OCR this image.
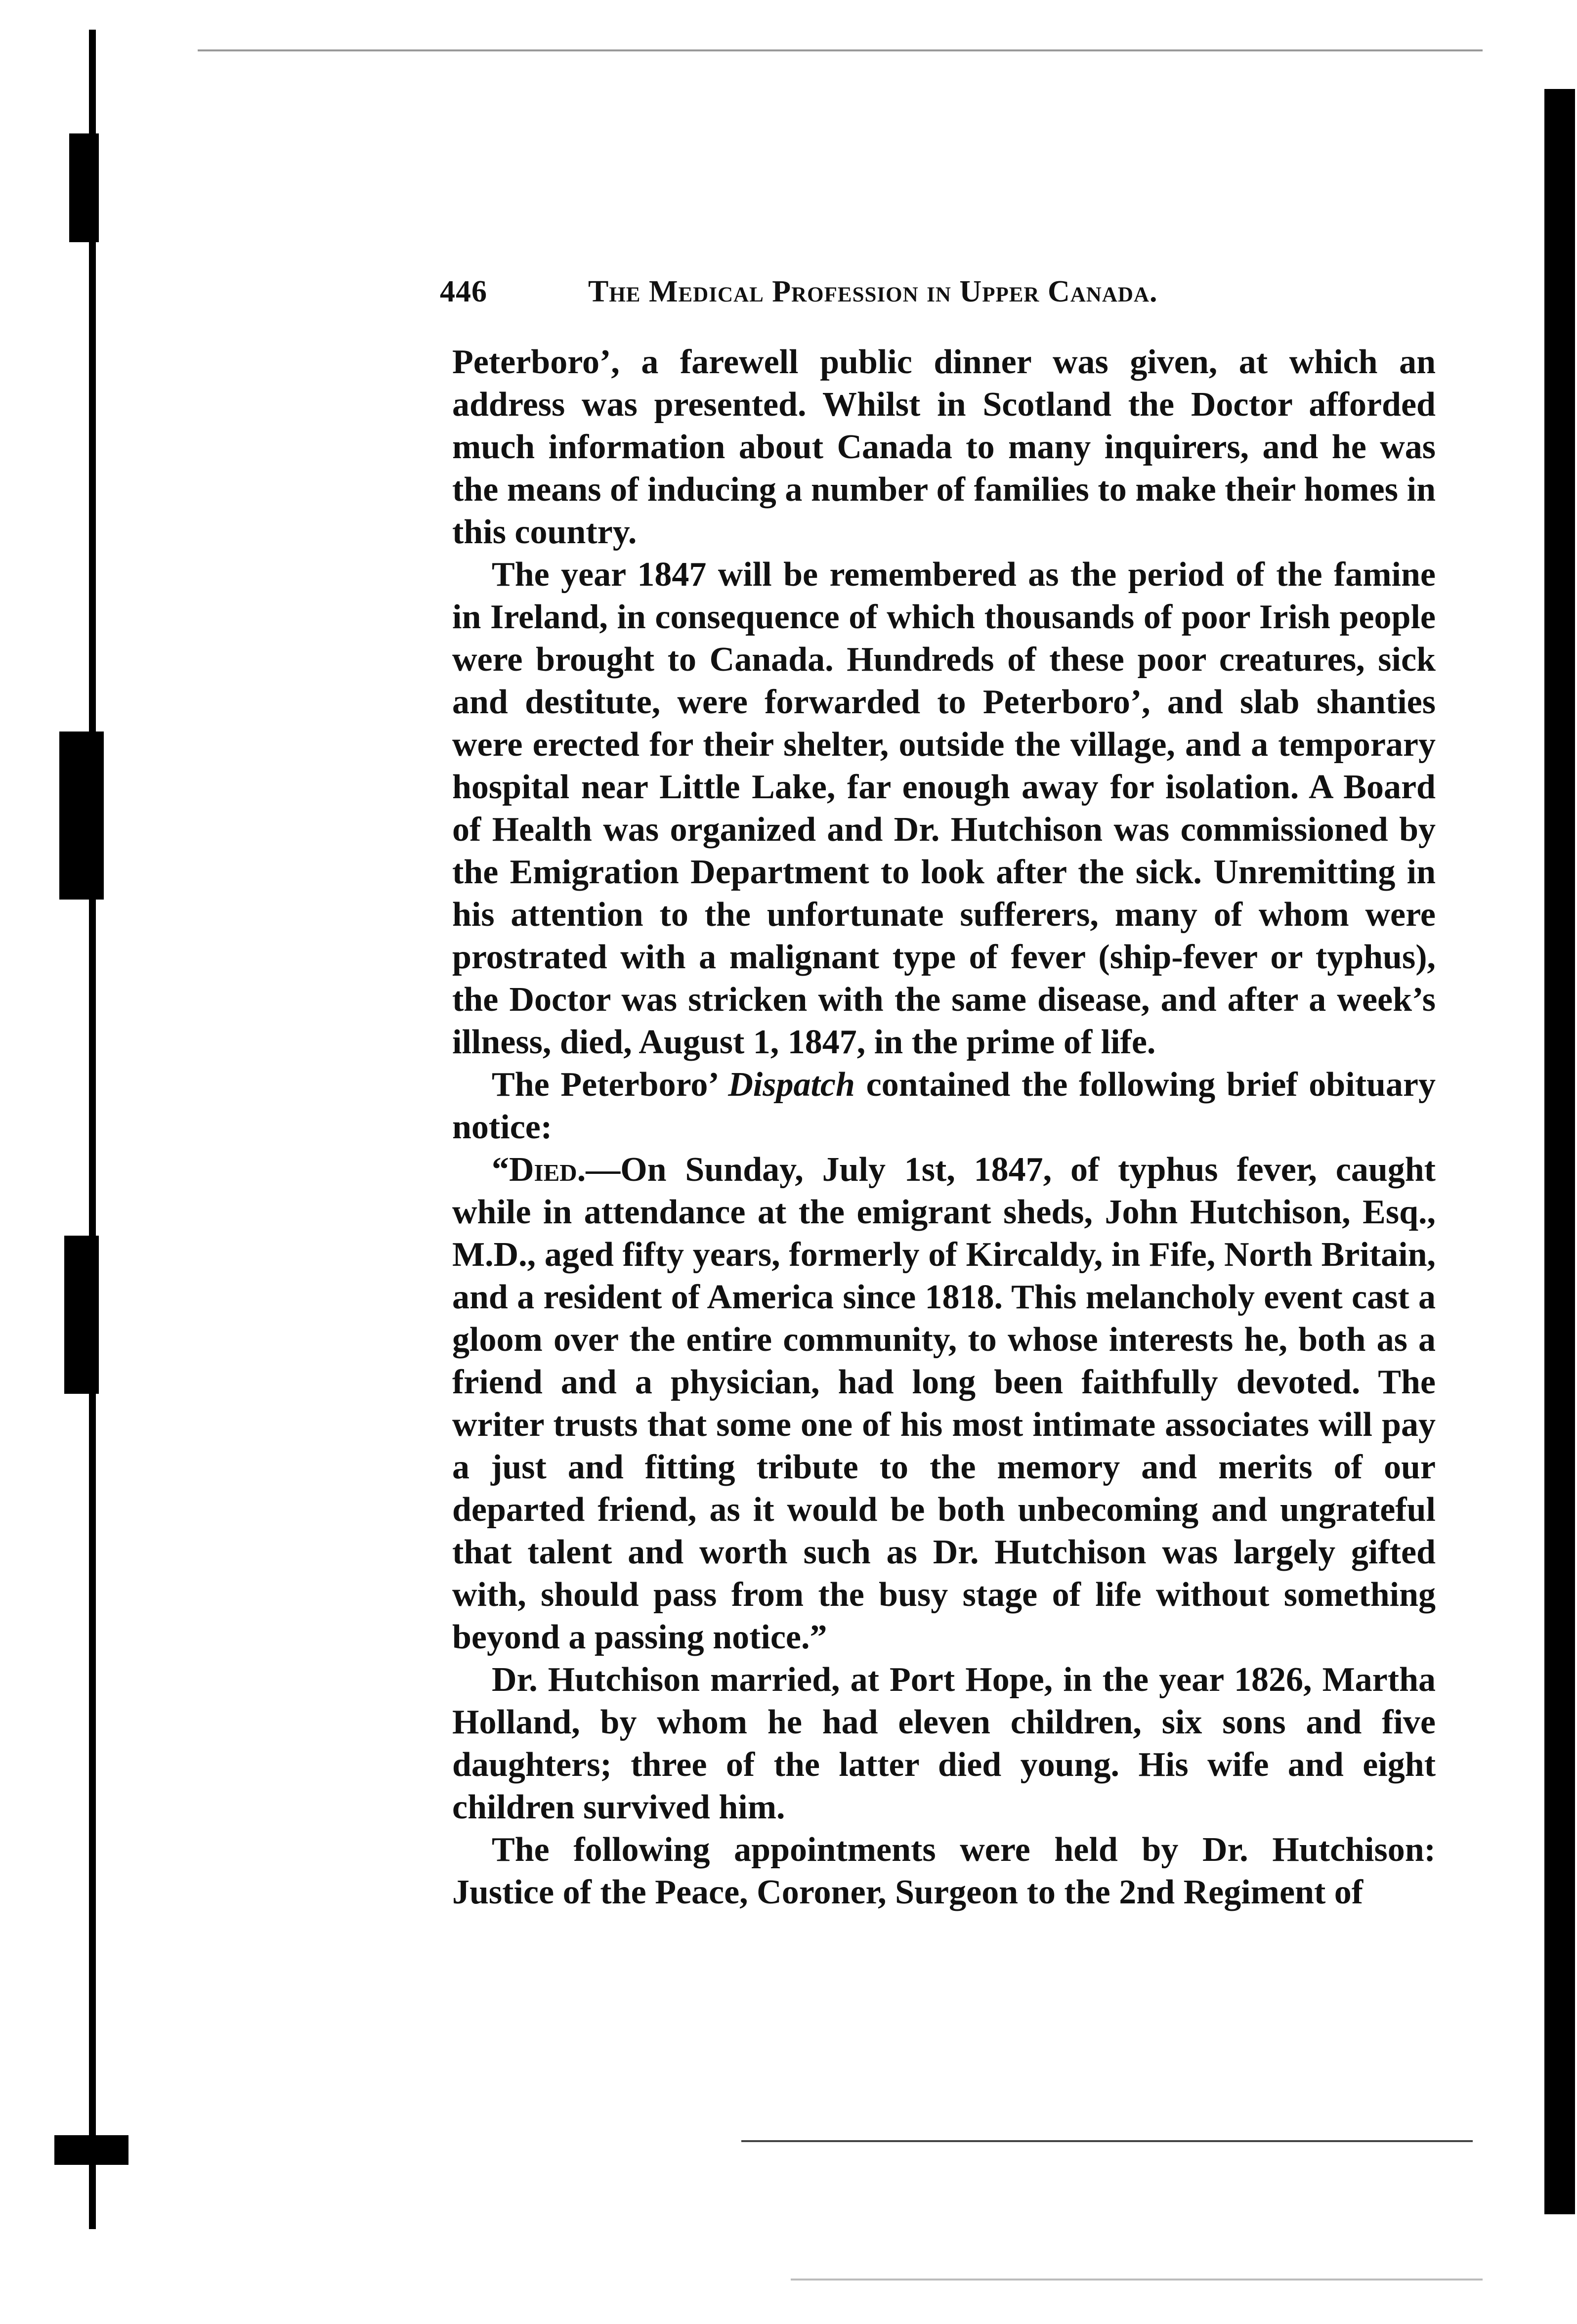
446	The Medical Profession in Upper Canada.

Peterboro’, a farewell public dinner was given, at which an address was presented. Whilst in Scotland the Doctor afforded much information about Canada to many inquirers, and he was the means of inducing a number of families to make their homes in this country.

The year 1847 will be remembered as the period of the famine in Ireland, in consequence of which thousands of poor Irish people were brought to Canada. Hundreds of these poor creatures, sick and destitute, were forwarded to Peterboro’, and slab shanties were erected for their shelter, outside the village, and a temporary hospital near Little Lake, far enough away for isolation. A Board of Health was organized and Dr. Hutchison was commissioned by the Emigration Department to look after the sick. Unremitting in his attention to the unfortunate sufferers, many of whom were prostrated with a malignant type of fever (ship-fever or typhus), the Doctor was stricken with the same disease, and after a week’s illness, died, August 1, 1847, in the prime of life.

The Peterboro’ Dispatch contained the following brief obituary notice:

“Died.—On Sunday, July 1st, 1847, of typhus fever, caught while in attendance at the emigrant sheds, John Hutchison, Esq., M.D., aged fifty years, formerly of Kircaldy, in Fife, North Britain, and a resident of America since 1818. This melancholy event cast a gloom over the entire community, to whose interests he, both as a friend and a physician, had long been faithfully devoted. The writer trusts that some one of his most intimate associates will pay a just and fitting tribute to the memory and merits of our departed friend, as it would be both unbecoming and ungrateful that talent and worth such as Dr. Hutchison was largely gifted with, should pass from the busy stage of life without something beyond a passing notice.”

Dr. Hutchison married, at Port Hope, in the year 1826, Martha Holland, by whom he had eleven children, six sons and five daughters; three of the latter died young. His wife and eight children survived him.

The following appointments were held by Dr. Hutchison: Justice of the Peace, Coroner, Surgeon to the 2nd Regiment of
